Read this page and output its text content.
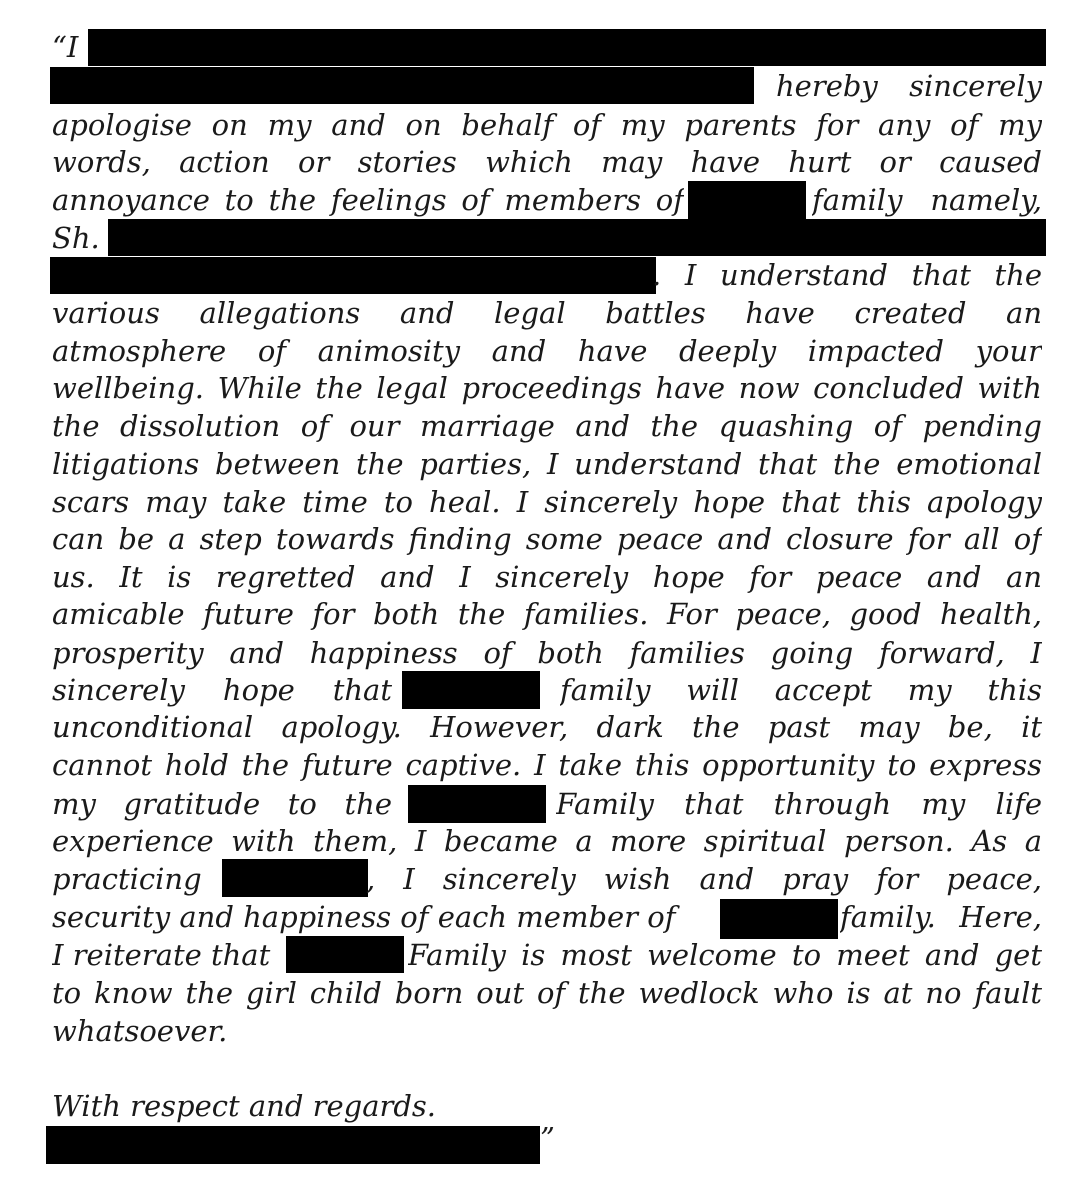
“I
hereby sincerely
apologise on my and on behalf of my parents for any of my
words, action or stories which may have hurt or caused
annoyance to the feelings of members of	family namely,
Sh.
. I understand that the
various allegations and legal battles have created an
atmosphere of animosity and have deeply impacted your
wellbeing. While the legal proceedings have now concluded with
the dissolution of our marriage and the quashing of pending
litigations between the parties, I understand that the emotional
scars may take time to heal. I sincerely hope that this apology
can be a step towards finding some peace and closure for all of
us. It is regretted and I sincerely hope for peace and an
amicable future for both the families. For peace, good health,
prosperity and happiness of both families going forward, I
sincerely hope that	family will accept my this
unconditional apology. However, dark the past may be, it
cannot hold the future captive. I take this opportunity to express
my gratitude to the	Family that through my life
experience with them, I became a more spiritual person. As a
practicing	, I sincerely wish and pray for peace,
security and happiness of each member of	family. Here,
I reiterate that	Family is most welcome to meet and get
to know the girl child born out of the wedlock who is at no fault
whatsoever.
With respect and regards.
”
